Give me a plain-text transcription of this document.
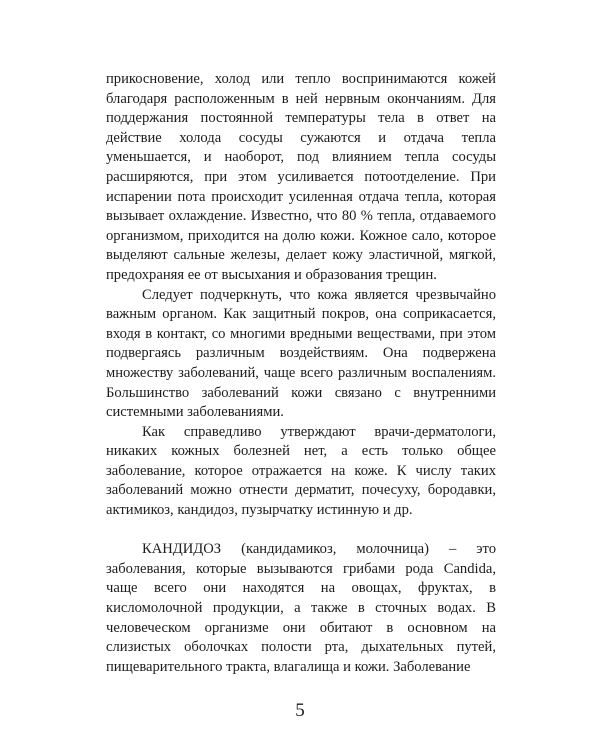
прикосновение, холод или тепло воспринимаются кожей благодаря расположенным в ней нервным окончаниям. Для поддержания постоянной температуры тела в ответ на действие холода сосуды сужаются и отдача тепла уменьшается, и наоборот, под влиянием тепла сосуды расширяются, при этом усиливается потоотделение. При испарении пота происходит усиленная отдача тепла, которая вызывает охлаждение. Известно, что 80 % тепла, отдаваемого организмом, приходится на долю кожи. Кожное сало, которое выделяют сальные железы, делает кожу эластичной, мягкой, предохраняя ее от высыхания и образования трещин.

Следует подчеркнуть, что кожа является чрезвычайно важным органом. Как защитный покров, она соприкасается, входя в контакт, со многими вредными веществами, при этом подвергаясь различным воздействиям. Она подвержена множеству заболеваний, чаще всего различным воспалениям. Большинство заболеваний кожи связано с внутренними системными заболеваниями.

Как справедливо утверждают врачи-дерматологи, никаких кожных болезней нет, а есть только общее заболевание, которое отражается на коже. К числу таких заболеваний можно отнести дерматит, почесуху, бородавки, актимикоз, кандидоз, пузырчатку истинную и др.

КАНДИДОЗ (кандидамикоз, молочница) – это заболевания, которые вызываются грибами рода Candida, чаще всего они находятся на овощах, фруктах, в кисломолочной продукции, а также в сточных водах. В человеческом организме они обитают в основном на слизистых оболочках полости рта, дыхательных путей, пищеварительного тракта, влагалища и кожи. Заболевание

5
